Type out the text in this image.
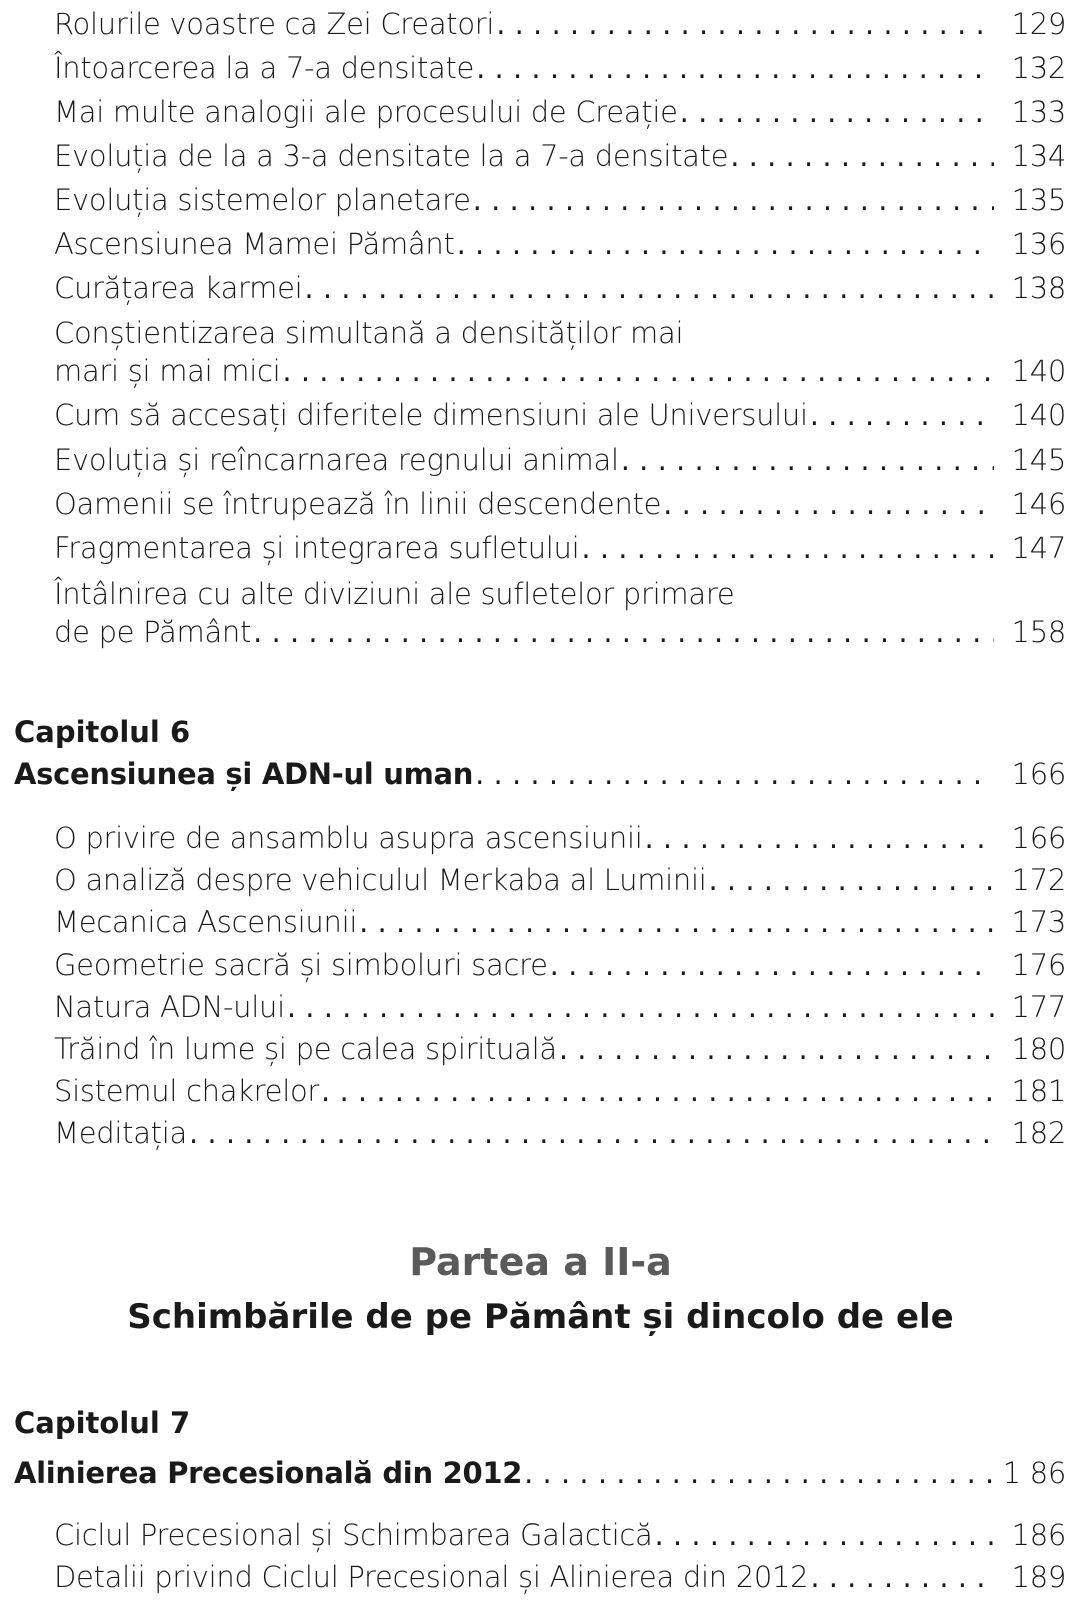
Rolurile voastre ca Zei Creatori . . .	129
Întoarcerea la a 7-a densitate . . .	132
Mai multe analogii ale procesului de Creație . . .	133
Evoluția de la a 3-a densitate la a 7-a densitate . . .	134
Evoluția sistemelor planetare . . .	135
Ascensiunea Mamei Pământ . . .	136
Curățarea karmei . . .	138
Conștientizarea simultană a densităților mai
mari și mai mici . . .	140
Cum să accesați diferitele dimensiuni ale Universului . . .	140
Evoluția și reîncarnarea regnului animal . . .	145
Oamenii se întrupează în linii descendente . . .	146
Fragmentarea și integrarea sufletului . . .	147
Întâlnirea cu alte diviziuni ale sufletelor primare
de pe Pământ . . .	158
Capitolul 6
Ascensiunea și ADN-ul uman . . .	166
O privire de ansamblu asupra ascensiunii . . .	166
O analiză despre vehiculul Merkaba al Luminii . . .	172
Mecanica Ascensiunii . . .	173
Geometrie sacră și simboluri sacre . . .	176
Natura ADN-ului . . .	177
Trăind în lume și pe calea spirituală . . .	180
Sistemul chakrelor . . .	181
Meditația . . .	182
Partea a II-a
Schimbările de pe Pământ și dincolo de ele
Capitolul 7
Alinierea Precesională din 2012 . . .	1 86
Ciclul Precesional și Schimbarea Galactică . . .	186
Detalii privind Ciclul Precesional și Alinierea din 2012 . . .	189
